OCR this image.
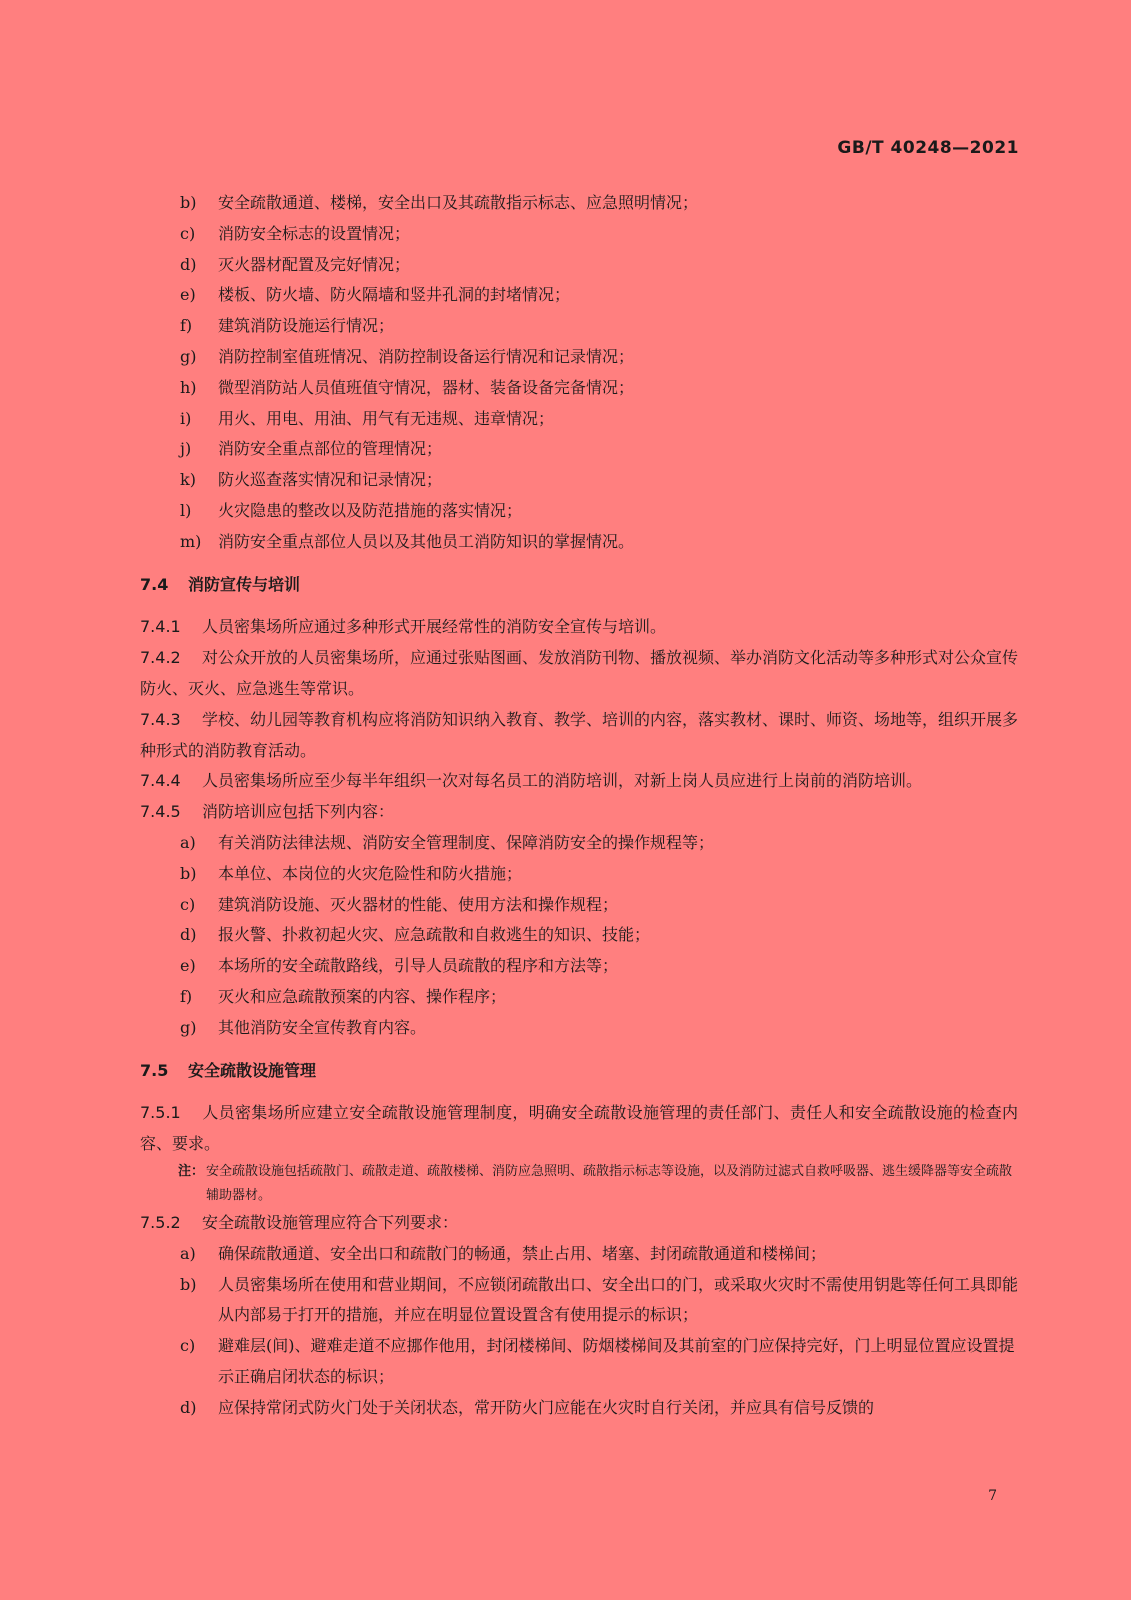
GB/T 40248—2021
b)	安全疏散通道、楼梯，安全出口及其疏散指示标志、应急照明情况；
c)	消防安全标志的设置情况；
d)	灭火器材配置及完好情况；
e)	楼板、防火墙、防火隔墙和竖井孔洞的封堵情况；
f)	建筑消防设施运行情况；
g)	消防控制室值班情况、消防控制设备运行情况和记录情况；
h)	微型消防站人员值班值守情况，器材、装备设备完备情况；
i)	用火、用电、用油、用气有无违规、违章情况；
j)	消防安全重点部位的管理情况；
k)	防火巡查落实情况和记录情况；
l)	火灾隐患的整改以及防范措施的落实情况；
m)	消防安全重点部位人员以及其他员工消防知识的掌握情况。
7.4 消防宣传与培训
7.4.1 人员密集场所应通过多种形式开展经常性的消防安全宣传与培训。
7.4.2 对公众开放的人员密集场所，应通过张贴图画、发放消防刊物、播放视频、举办消防文化活动等多种形式对公众宣传防火、灭火、应急逃生等常识。
7.4.3 学校、幼儿园等教育机构应将消防知识纳入教育、教学、培训的内容，落实教材、课时、师资、场地等，组织开展多种形式的消防教育活动。
7.4.4 人员密集场所应至少每半年组织一次对每名员工的消防培训，对新上岗人员应进行上岗前的消防培训。
7.4.5 消防培训应包括下列内容：
a)	有关消防法律法规、消防安全管理制度、保障消防安全的操作规程等；
b)	本单位、本岗位的火灾危险性和防火措施；
c)	建筑消防设施、灭火器材的性能、使用方法和操作规程；
d)	报火警、扑救初起火灾、应急疏散和自救逃生的知识、技能；
e)	本场所的安全疏散路线，引导人员疏散的程序和方法等；
f)	灭火和应急疏散预案的内容、操作程序；
g)	其他消防安全宣传教育内容。
7.5 安全疏散设施管理
7.5.1 人员密集场所应建立安全疏散设施管理制度，明确安全疏散设施管理的责任部门、责任人和安全疏散设施的检查内容、要求。
注： 安全疏散设施包括疏散门、疏散走道、疏散楼梯、消防应急照明、疏散指示标志等设施，以及消防过滤式自救呼吸器、逃生缓降器等安全疏散辅助器材。
7.5.2 安全疏散设施管理应符合下列要求：
a)	确保疏散通道、安全出口和疏散门的畅通，禁止占用、堵塞、封闭疏散通道和楼梯间；
b)	人员密集场所在使用和营业期间，不应锁闭疏散出口、安全出口的门，或采取火灾时不需使用钥匙等任何工具即能从内部易于打开的措施，并应在明显位置设置含有使用提示的标识；
c)	避难层(间)、避难走道不应挪作他用，封闭楼梯间、防烟楼梯间及其前室的门应保持完好，门上明显位置应设置提示正确启闭状态的标识；
d)	应保持常闭式防火门处于关闭状态，常开防火门应能在火灾时自行关闭，并应具有信号反馈的
7
